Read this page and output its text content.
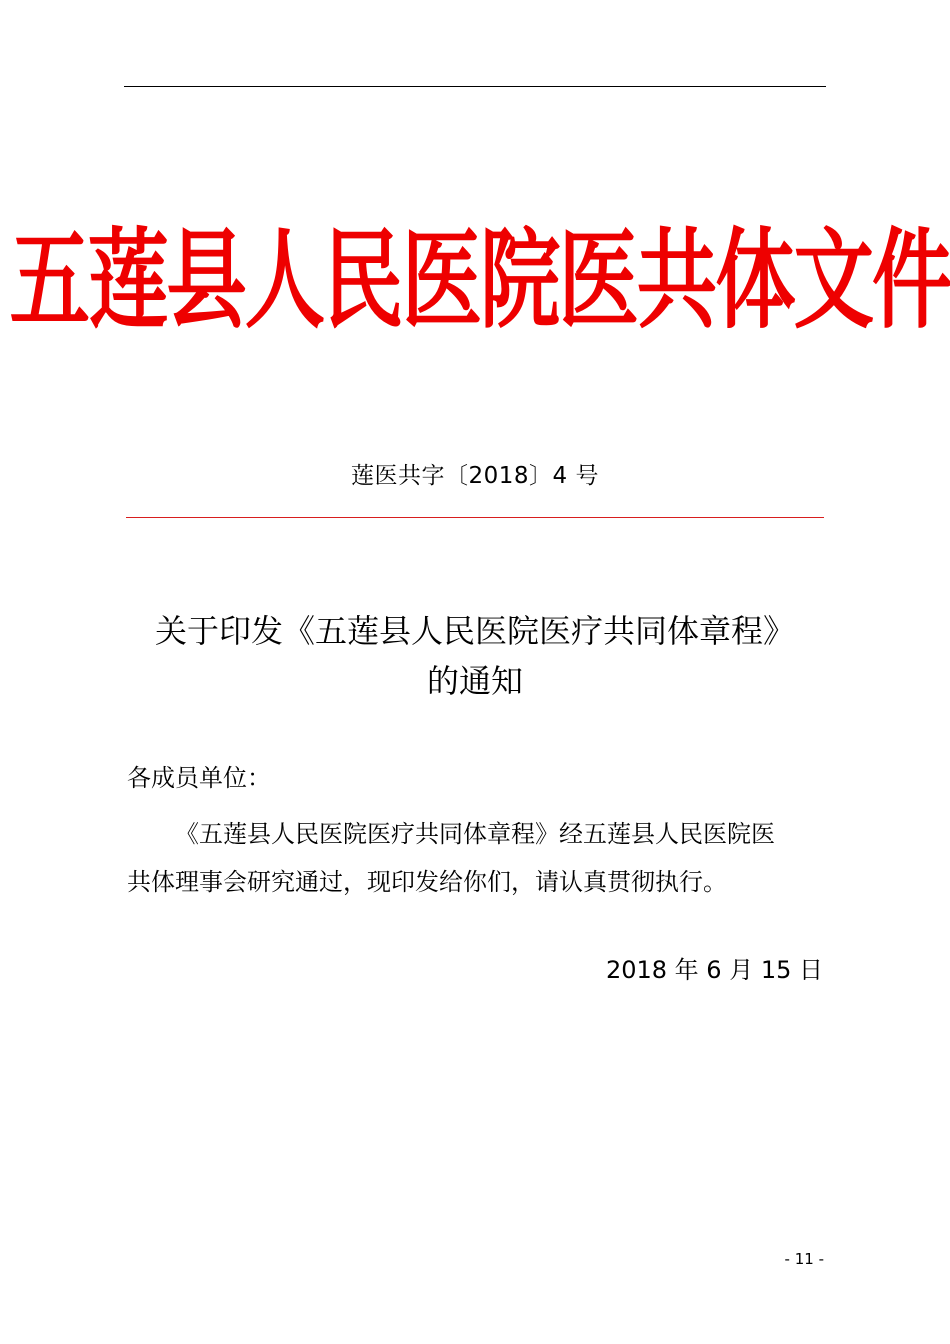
五莲县人民医院医共体文件
莲医共字〔2018〕4 号
关于印发《五莲县人民医院医疗共同体章程》
的通知
各成员单位：
《五莲县人民医院医疗共同体章程》经五莲县人民医院医
共体理事会研究通过，现印发给你们，请认真贯彻执行。
2018 年 6 月 15 日
- 11 -
